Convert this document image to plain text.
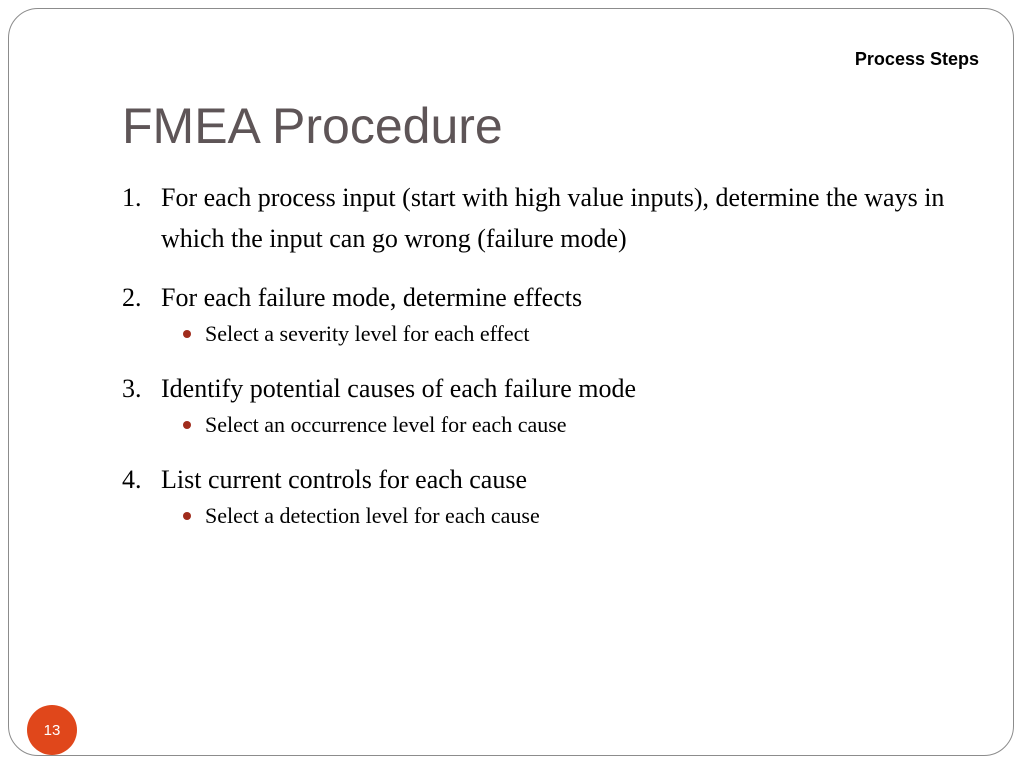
Process Steps
FMEA Procedure
1. For each process input (start with high value inputs), determine the ways in which the input can go wrong (failure mode)
2. For each failure mode, determine effects
Select a severity level for each effect
3. Identify potential causes of each failure mode
Select an occurrence level for each cause
4. List current controls for each cause
Select a detection level for each cause
13
